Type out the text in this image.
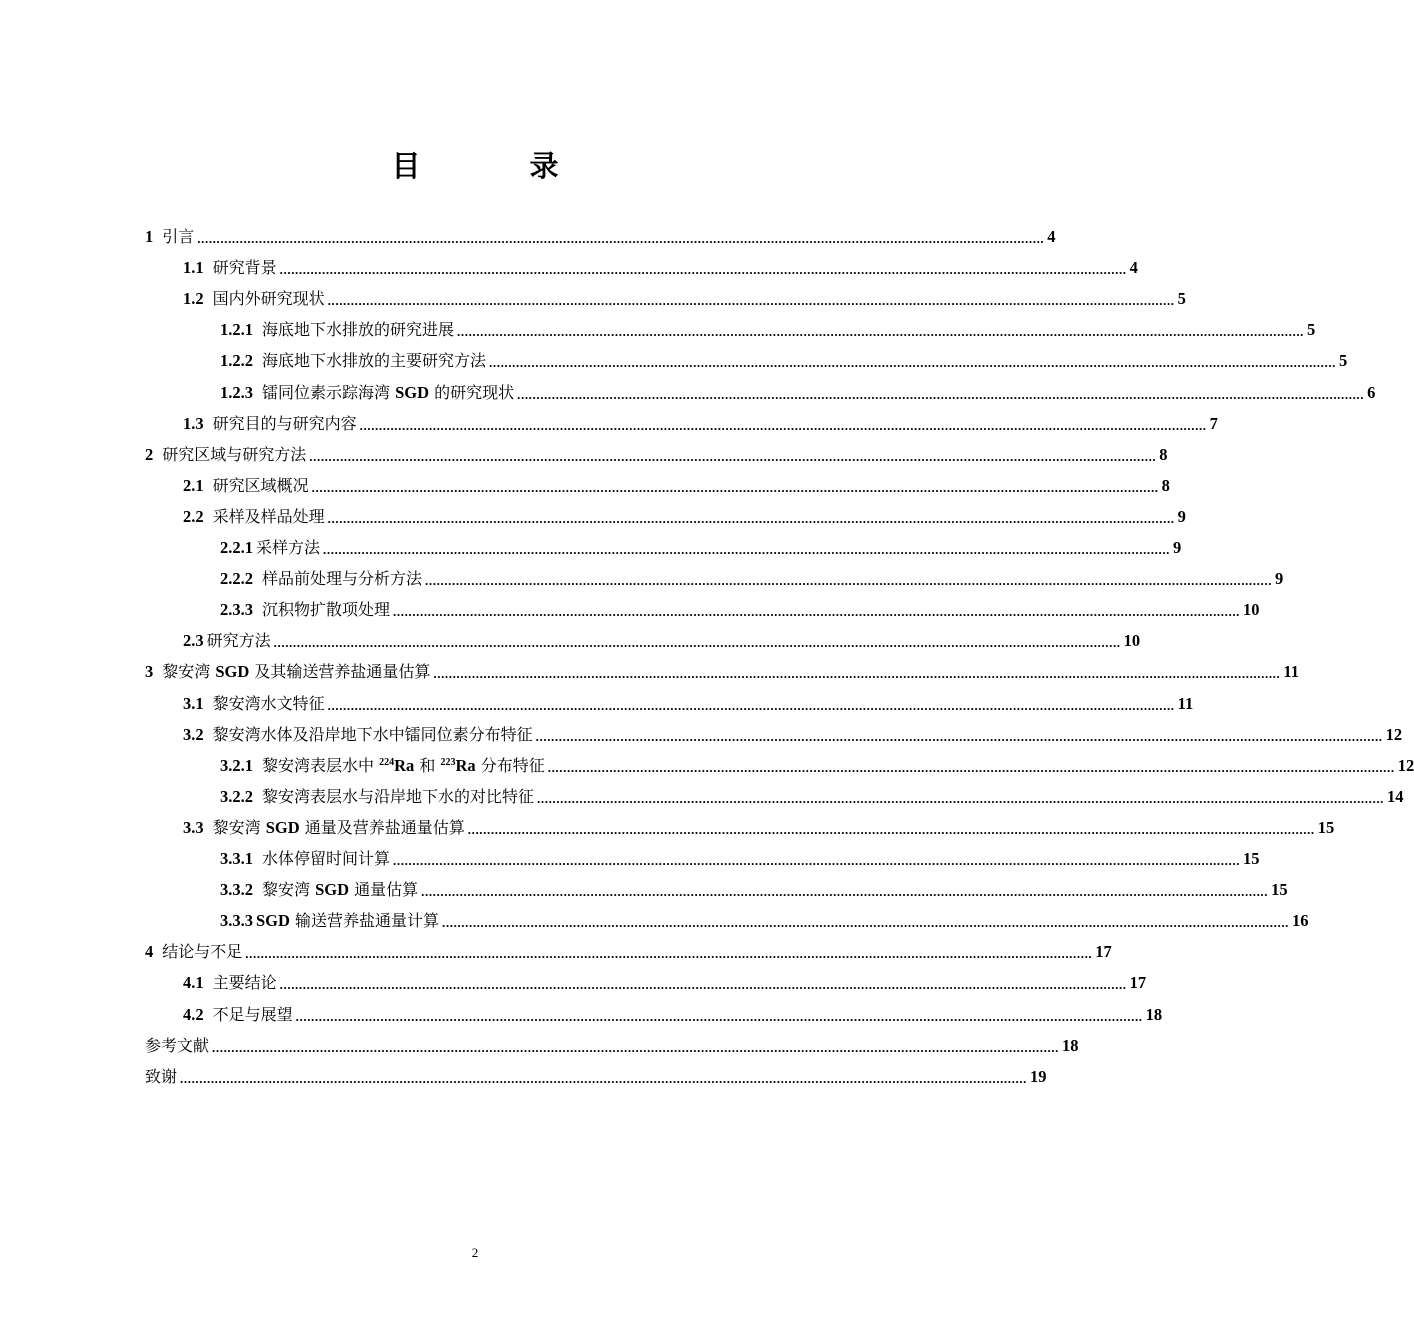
目　录
1 引言 ............................................................................................................................................................................................................................ 4
1.1 研究背景 ............................................................................................................................................................................................................................ 4
1.2 国内外研究现状 ............................................................................................................................................................................................................................ 5
1.2.1 海底地下水排放的研究进展 ............................................................................................................................................................................................................................ 5
1.2.2 海底地下水排放的主要研究方法 ............................................................................................................................................................................................................................ 5
1.2.3 镭同位素示踪海湾 SGD 的研究现状 ............................................................................................................................................................................................................................ 6
1.3 研究目的与研究内容 ............................................................................................................................................................................................................................ 7
2 研究区域与研究方法 ............................................................................................................................................................................................................................ 8
2.1 研究区域概况 ............................................................................................................................................................................................................................ 8
2.2 采样及样品处理 ............................................................................................................................................................................................................................ 9
2.2.1 采样方法 ............................................................................................................................................................................................................................ 9
2.2.2 样品前处理与分析方法 ............................................................................................................................................................................................................................ 9
2.3.3 沉积物扩散项处理 ............................................................................................................................................................................................................................ 10
2.3 研究方法 ............................................................................................................................................................................................................................ 10
3 黎安湾 SGD 及其输送营养盐通量估算 ............................................................................................................................................................................................................................ 11
3.1 黎安湾水文特征 ............................................................................................................................................................................................................................ 11
3.2 黎安湾水体及沿岸地下水中镭同位素分布特征 ............................................................................................................................................................................................................................ 12
3.2.1 黎安湾表层水中 $^{224}$Ra 和 $^{223}$Ra 分布特征 ............................................................................................................................................................................................................................ 12
3.2.2 黎安湾表层水与沿岸地下水的对比特征 ............................................................................................................................................................................................................................ 14
3.3 黎安湾 SGD 通量及营养盐通量估算 ............................................................................................................................................................................................................................ 15
3.3.1 水体停留时间计算 ............................................................................................................................................................................................................................ 15
3.3.2 黎安湾 SGD 通量估算 ............................................................................................................................................................................................................................ 15
3.3.3 SGD 输送营养盐通量计算 ............................................................................................................................................................................................................................ 16
4 结论与不足 ............................................................................................................................................................................................................................ 17
4.1 主要结论 ............................................................................................................................................................................................................................ 17
4.2 不足与展望 ............................................................................................................................................................................................................................ 18
参考文献 ............................................................................................................................................................................................................................ 18
致谢 ............................................................................................................................................................................................................................ 19
2
